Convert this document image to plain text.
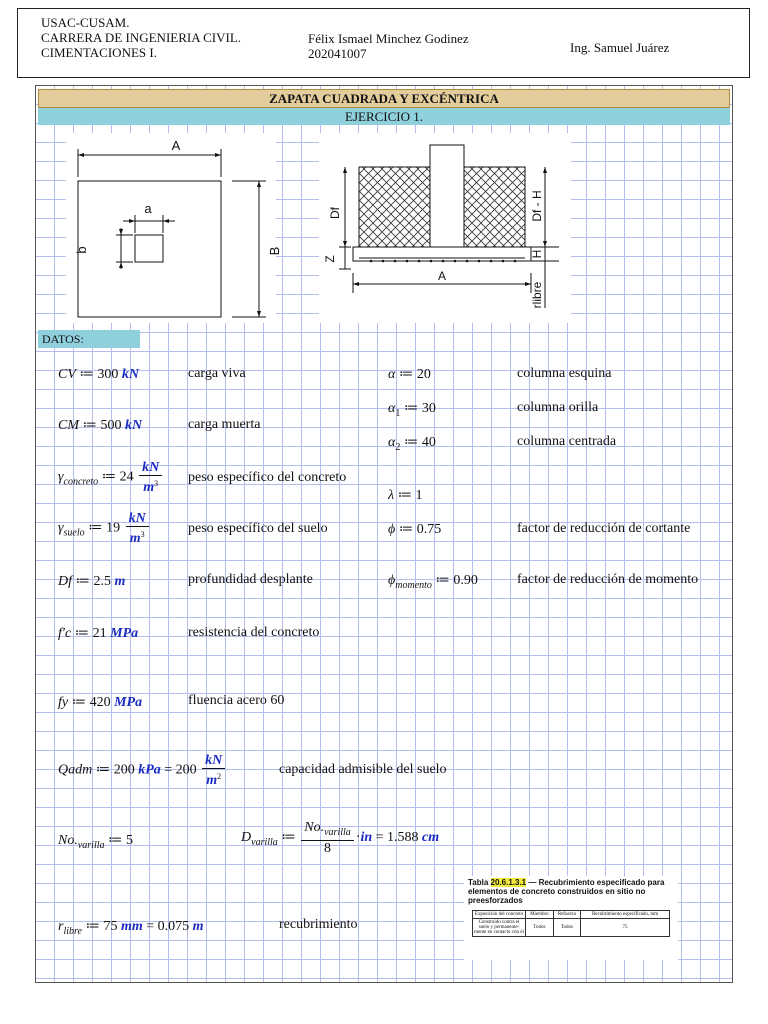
USAC-CUSAM.
CARRERA DE INGENIERIA CIVIL.
CIMENTACIONES I.
Félix Ismael Minchez Godinez
202041007	Ing. Samuel Juárez
ZAPATA CUADRADA Y EXCÉNTRICA
EJERCICIO 1.
A
a
b	B
Df	Df - H
Z
H
A
rlibre
DATOS:
CV ≔ 300 kN	carga viva
CM ≔ 500 kN	carga muerta
$\gamma_{concreto}$ ≔ $24 \frac{kN}{m^3}$ peso específico del concreto
$\gamma_{suelo}$ ≔ $19 \frac{kN}{m^3}$	peso específico del suelo
Df ≔ 2.5 m	profundidad desplante
f′c ≔ 21 MPa	resistencia del concreto
fy ≔ 420 MPa	fluencia acero 60
Qadm ≔ 200 kPa = $200 \frac{kN}{m^2}$	capacidad admisible del suelo
$No._{varilla}$ ≔ 5	$D_{varilla}$ ≔ $\frac{No._{varilla}}{8} \cdot in = 1.588$ cm
$r_{libre}$ ≔ 75 mm = 0.075 m	recubrimiento
α ≔ 20	columna esquina
$\alpha_1$ ≔ 30	columna orilla
$\alpha_2$ ≔ 40	columna centrada
λ ≔ 1
ϕ ≔ 0.75	factor de reducción de cortante
$\phi_{momento}$ ≔ 0.90	factor de reducción de momento
Tabla 20.6.1.3.1 — Recubrimiento especificado para elementos de concreto construidos en sitio no preesforzados
Exposición del concreto	Miembro	Refuerzo	Recubrimiento especificado, mm
Construido contra el suelo y permanente-mente en contacto con él	Todos	Todos	75
